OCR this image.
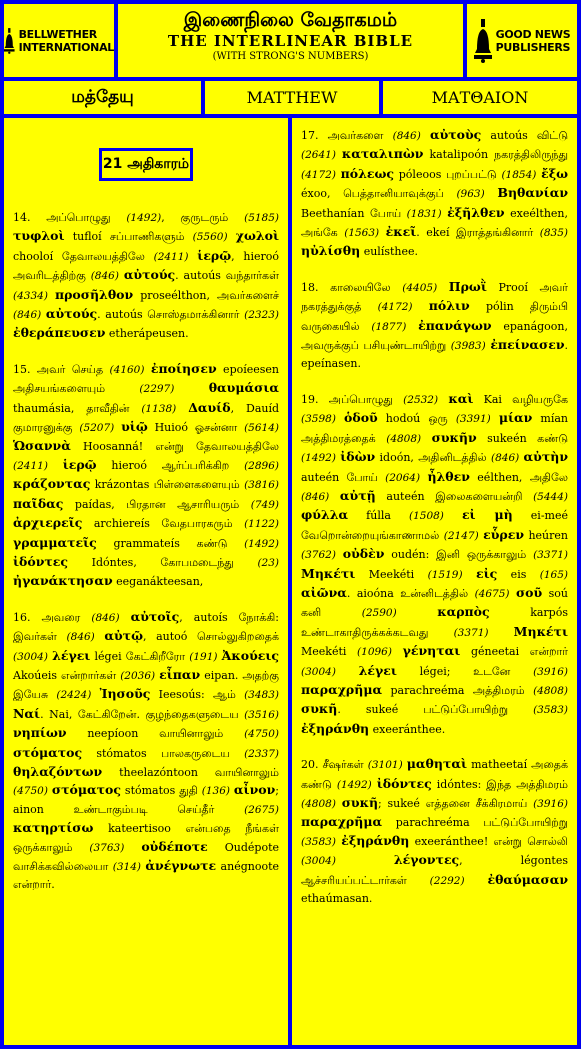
BELLWETHER
INTERNATIONAL
இணைநிலை வேதாகமம்
THE INTERLINEAR BIBLE
(WITH STRONG'S NUMBERS)
GOOD NEWS
PUBLISHERS
மத்தேயு	MATTHEW	ΜΑΤΘΑΙΟΝ
21 அதிகாரம்
14. அப்பொழுது (1492), குருடரும் (5185) τυφλοὶ tufloí சப்பாணிகளும் (5560) χωλοὶ chooloí தேவாலயத்திலே (2411) ἱερῷ, hieroó அவரிடத்திற்கு (846) αὐτούς. autoús வந்தார்கள் (4334) προσῆλθον proseélthon, அவர்களைச் (846) αὐτούς. autoús சொஸ்தமாக்கினார் (2323) ἐθεράπευσεν etherápeusen.
15. அவர் செய்த (4160) ἐποίησεν epoíeesen அதிசயங்களையும் (2297)	θαυμάσια thaumásia, தாவீதின் (1138) Δαυίδ, Dauíd குமாரனுக்கு (5207) υἱῷ Huioó ஓசன்னா (5614) Ὡσαννὰ Hoosanná! என்று தேவாலயத்திலே (2411) ἱερῷ hieroó ஆர்ப்பரிக்கிற (2896) κράζοντας krázontas பிள்ளைகளையும் (3816) παῖδας paídas, பிரதான ஆசாரியரும் (749) ἀρχιερεῖς archiereís வேதபாரகரும் (1122) γραμματεῖς grammateís கண்டு (1492) ἰδόντες Idóntes, கோபமடைந்து (23) ἠγανάκτησαν eeganákteesan,
16. அவரை (846) αὐτοῖς, autoís நோக்கி: இவர்கள் (846) αὐτῷ, autoó சொல்லுகிறதைக் (3004) λέγει légei கேட்கிறீரோ (191) Ἀκούεις Akoúeis என்றார்கள் (2036) εἶπαν eipan. அதற்கு இயேசு (2424) Ἰησοῦς Ieesoús: ஆம் (3483) Ναί. Nai, கேட்கிறேன். குழந்தைகளுடைய (3516) νηπίων neepíoon வாயினாலும் (4750) στόματος stómatos பாலகருடைய (2337) θηλαζόντων theelazóntoon வாயினாலும் (4750) στόματος stómatos துதி (136) αἶνον; ainon உண்டாகும்படி செய்தீர் (2675) κατηρτίσω kateertisoo என்பதை நீங்கள் ஒருக்காலும் (3763) οὐδέποτε Oudépote வாசிக்கவில்லையா (314) ἀνέγνωτε anégnoote என்றார்.
17. அவர்களை (846) αὐτοὺς autoús விட்டு (2641) καταλιπὼν katalipoón நகரத்திலிருந்து (4172) πόλεως póleoos புறப்பட்டு (1854) ἔξω éxoo, பெத்தானியாவுக்குப் (963) Βηθανίαν Beethanían போய் (1831) ἐξῆλθεν exeélthen, அங்கே (1563) ἐκεῖ. ekeí இராத்தங்கினார் (835) ηὐλίσθη eulísthee.
18. காலையிலே (4405) Πρωῒ Prooí அவர் நகரத்துக்குத் (4172) πόλιν pólin திரும்பி வருகையில் (1877) ἐπανάγων epanágoon, அவருக்குப் பசியுண்டாயிற்று (3983) ἐπείνασεν. epeínasen.
19. அப்பொழுது (2532) καὶ Kai வழியருகே (3598) ὁδοῦ hodoú ஒரு (3391) μίαν mían அத்திமரத்தைக் (4808) συκῆν sukeén கண்டு (1492) ἰδὼν idoón, அதினிடத்தில் (846) αὐτὴν auteén போய் (2064) ἦλθεν eélthen, அதிலே (846) αὐτῇ auteén இலைகளையன்றி (5444) φύλλα fúlla (1508) εἰ μὴ ei-meé வேறொன்றையுங்காணாமல் (2147) εὗρεν heúren (3762) οὐδὲν oudén: இனி ஒருக்காலும் (3371) Μηκέτι Meekéti (1519) εἰς eis (165) αἰῶνα. aioóna உன்னிடத்தில் (4675) σοῦ soú கனி (2590)	καρπὸς karpós உண்டாகாதிருக்கக்கடவது (3371) Μηκέτι Meekéti (1096) γένηται géneetai என்றார் (3004) λέγει légei; உடனே (3916) παραχρῆμα parachreéma அத்திமரம் (4808) συκῆ. sukeé பட்டுப்போயிற்று (3583) ἐξηράνθη exeeránthee.
20. சீஷர்கள் (3101) μαθηταὶ matheetaí அதைக் கண்டு (1492) ἰδόντες idóntes: இந்த அத்திமரம் (4808) συκῆ; sukeé எத்தனை சீக்கிரமாய் (3916) παραχρῆμα parachreéma பட்டுப்போயிற்று (3583) ἐξηράνθη exeeránthee! என்று சொல்லி (3004)	λέγοντες, légontes ஆச்சரியப்பட்டார்கள் (2292) ἐθαύμασαν ethaúmasan.
